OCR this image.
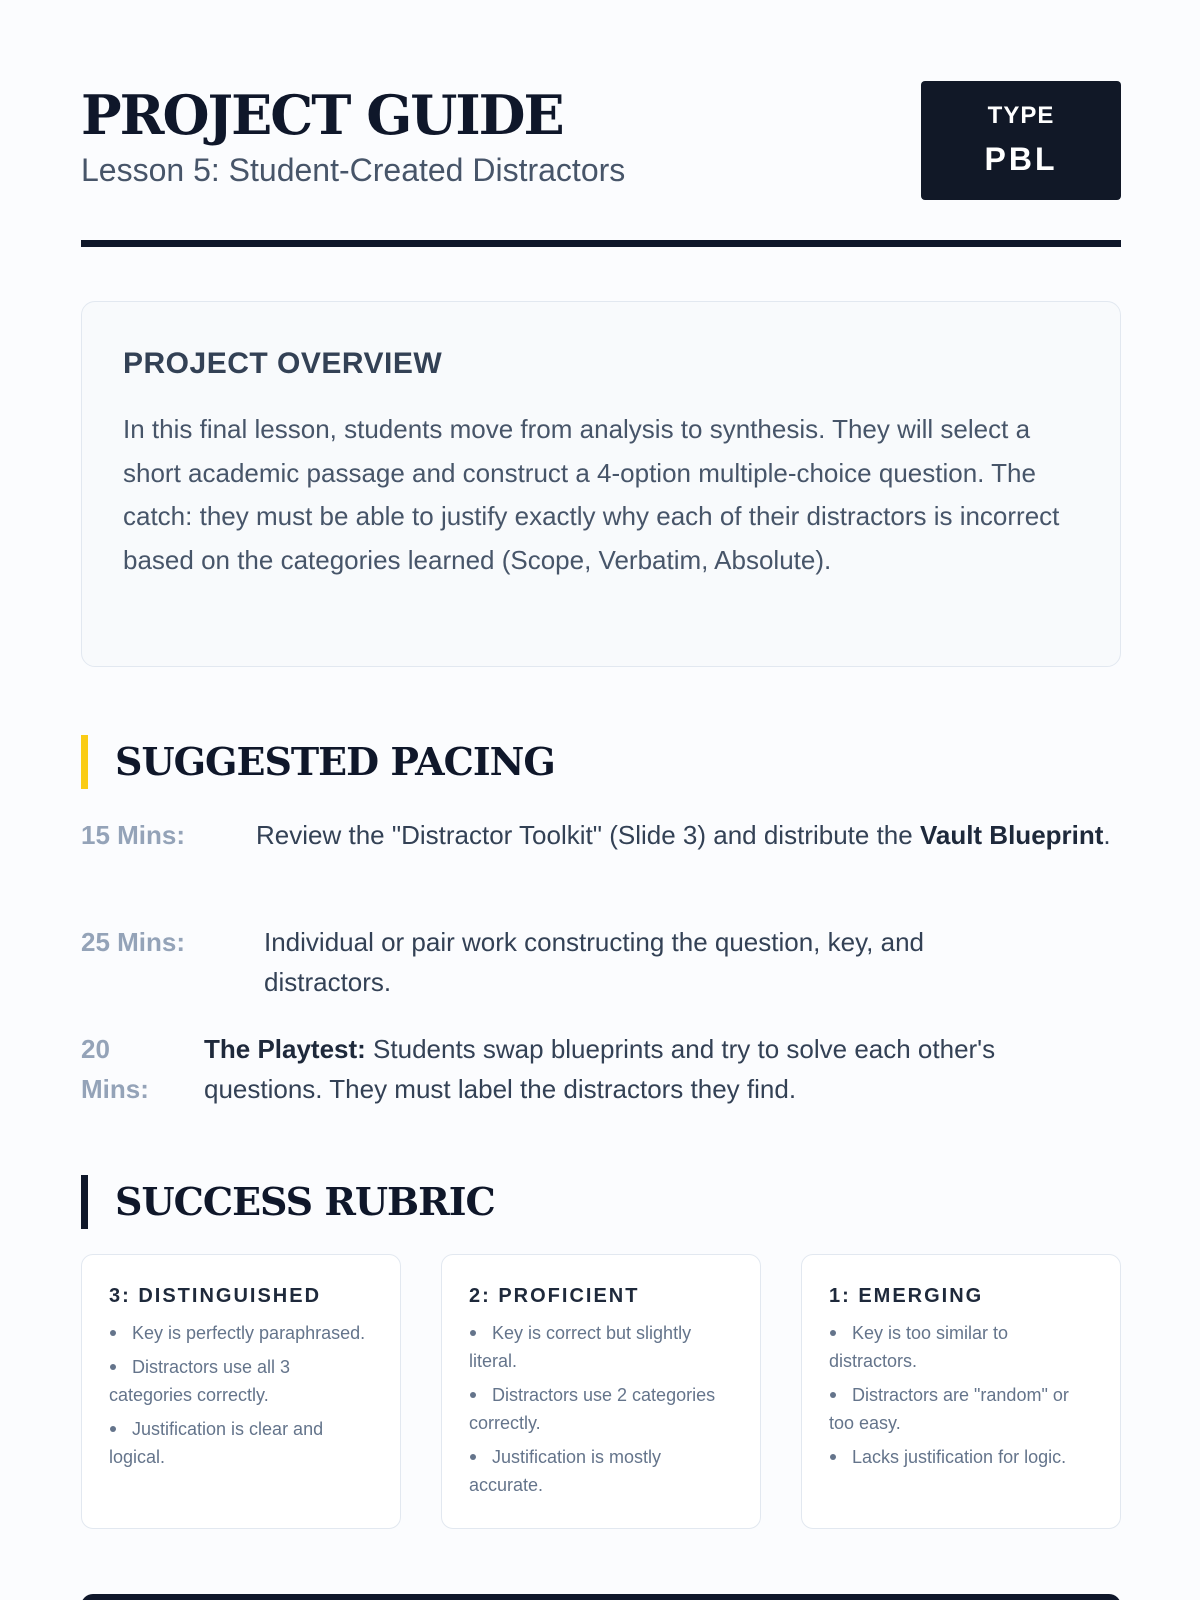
PROJECT GUIDE
Lesson 5: Student-Created Distractors
TYPE
PBL
PROJECT OVERVIEW

In this final lesson, students move from analysis to synthesis. They will select a short academic passage and construct a 4-option multiple-choice question. The catch: they must be able to justify exactly why each of their distractors is incorrect based on the categories learned (Scope, Verbatim, Absolute).

SUGGESTED PACING
15 Mins:	Review the "Distractor Toolkit" (Slide 3) and distribute the Vault Blueprint.
25 Mins:	Individual or pair work constructing the question, key, and distractors.
20 Mins:
The Playtest: Students swap blueprints and try to solve each other's questions. They must label the distractors they find.
SUCCESS RUBRIC
3: DISTINGUISHED
Key is perfectly paraphrased.
Distractors use all 3 categories correctly.
Justification is clear and logical.
2: PROFICIENT
Key is correct but slightly literal.
Distractors use 2 categories correctly.
Justification is mostly accurate.
1: EMERGING
Key is too similar to distractors.
Distractors are "random" or too easy.
Lacks justification for logic.
